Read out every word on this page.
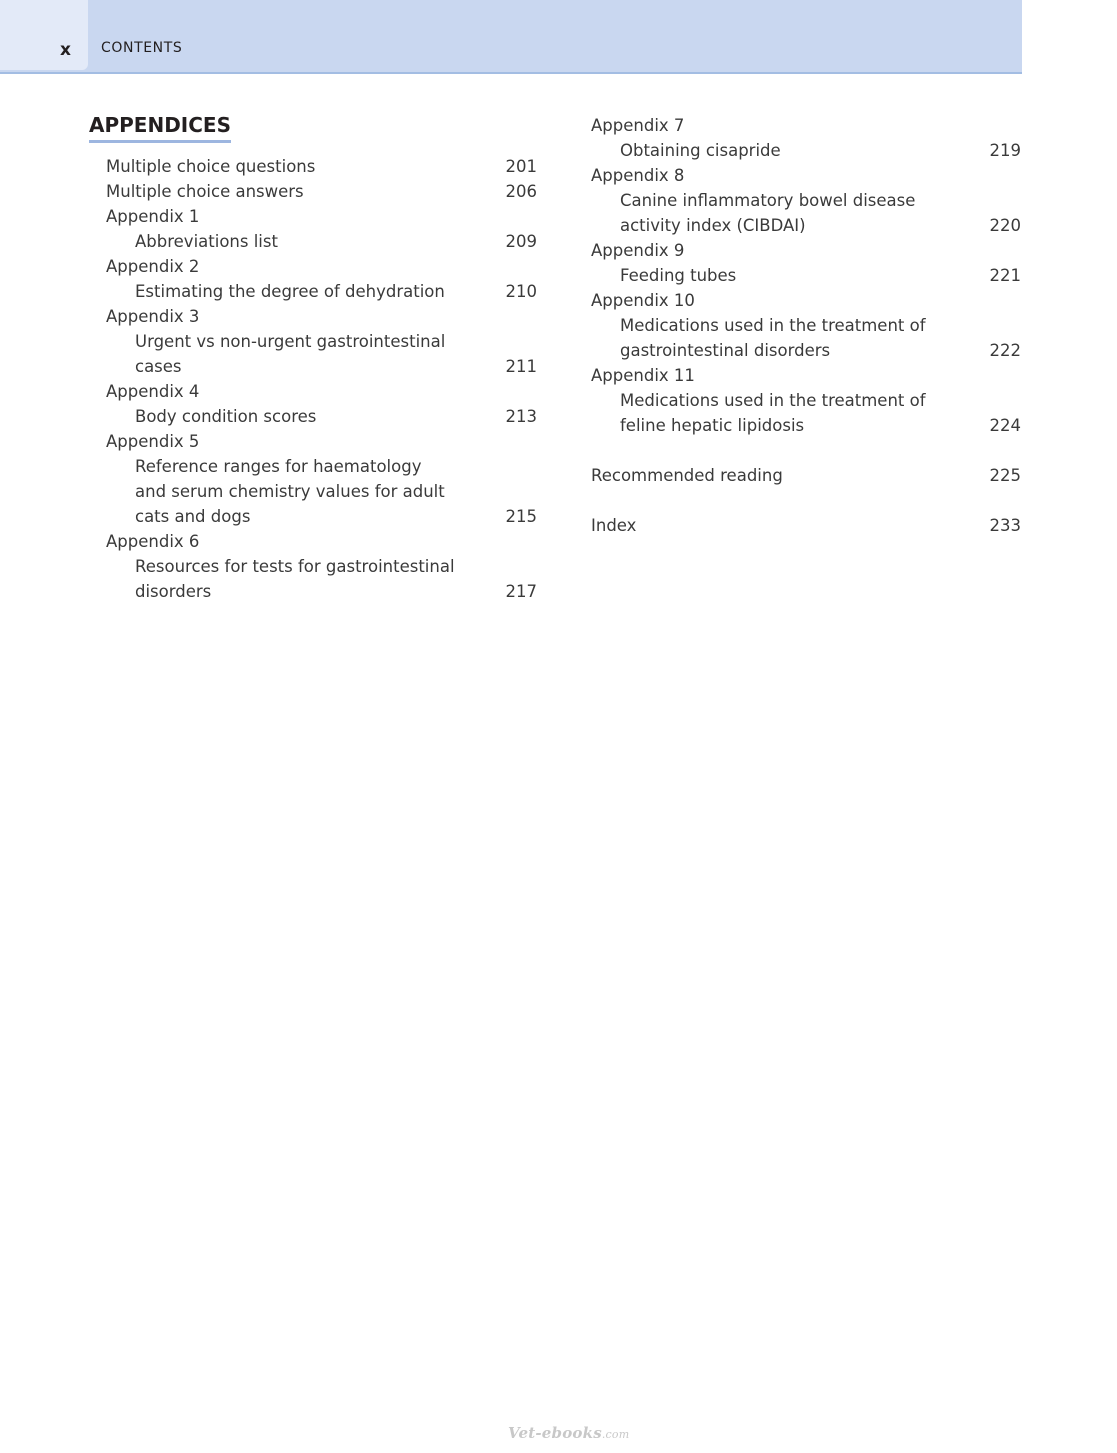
x CONTENTS
APPENDICES
Multiple choice questions	201
Multiple choice answers	206
Appendix 1
Abbreviations list	209
Appendix 2
Estimating the degree of dehydration	210
Appendix 3
Urgent vs non-urgent gastrointestinal cases	211
Appendix 4
Body condition scores	213
Appendix 5
Reference ranges for haematology and serum chemistry values for adult cats and dogs	215
Appendix 6
Resources for tests for gastrointestinal disorders	217
Appendix 7
Obtaining cisapride	219
Appendix 8
Canine inflammatory bowel disease activity index (CIBDAI)	220
Appendix 9
Feeding tubes	221
Appendix 10
Medications used in the treatment of gastrointestinal disorders	222
Appendix 11
Medications used in the treatment of feline hepatic lipidosis	224
Recommended reading	225
Index	233
Vet-ebooks.com
